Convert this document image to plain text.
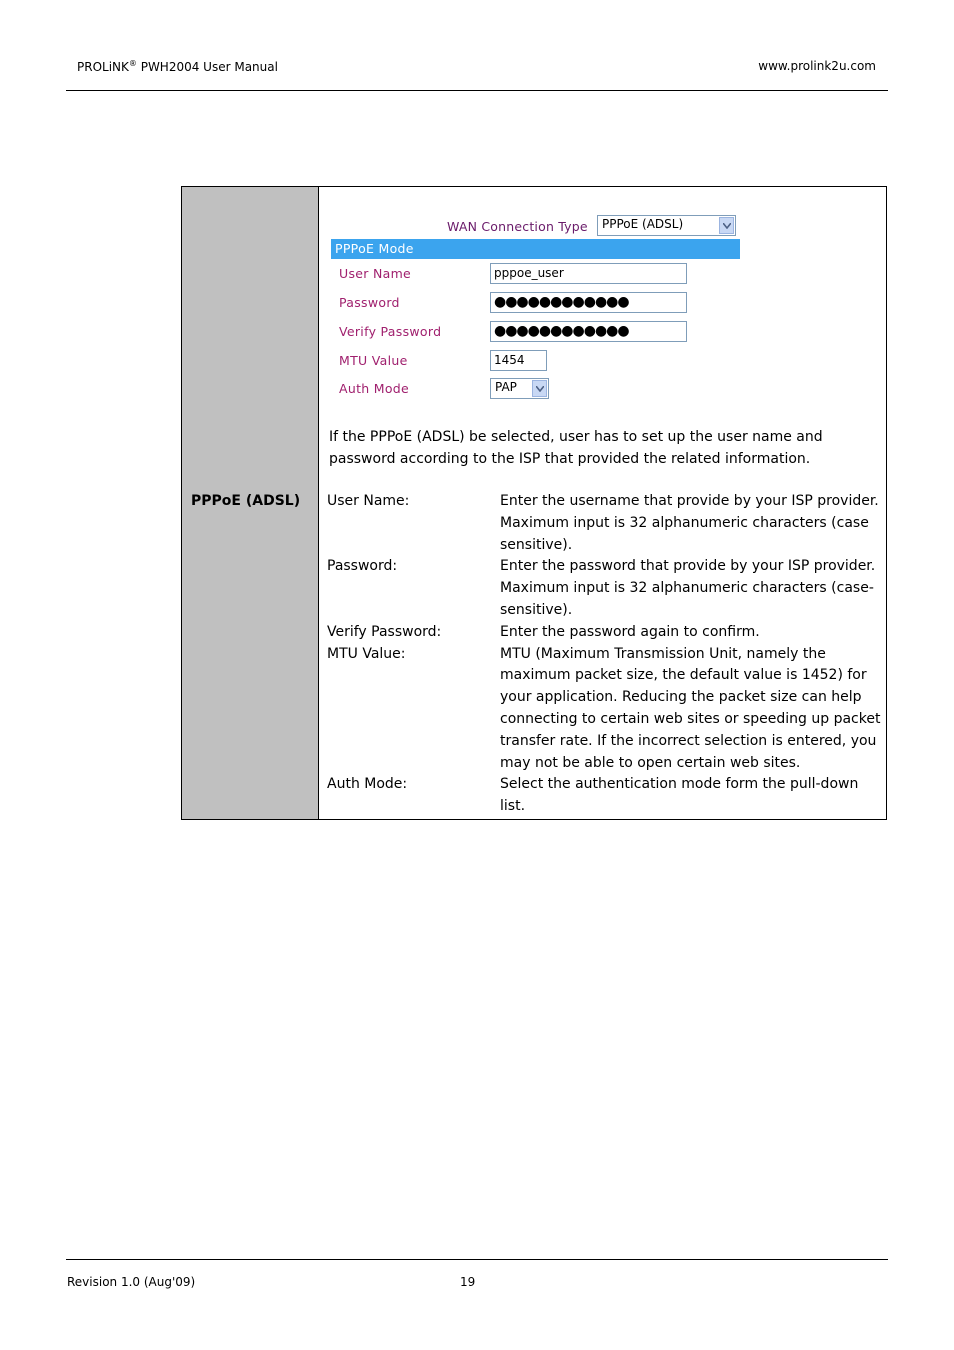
PROLiNK® PWH2004 User Manual	www.prolink2u.com
PPPoE (ADSL)
WAN Connection Type PPPoE (ADSL)
PPPoE Mode
User Name	pppoe_user
Password	●●●●●●●●●●●●
Verify Password	●●●●●●●●●●●●
MTU Value	1454
Auth Mode	PAP
If the PPPoE (ADSL) be selected, user has to set up the user name and password according to the ISP that provided the related information.
User Name:	Enter the username that provide by your ISP provider. Maximum input is 32 alphanumeric characters (case sensitive).
Password:	Enter the password that provide by your ISP provider. Maximum input is 32 alphanumeric characters (case-sensitive).
Verify Password:	Enter the password again to confirm.
MTU Value:	MTU (Maximum Transmission Unit, namely the maximum packet size, the default value is 1452) for your application. Reducing the packet size can help connecting to certain web sites or speeding up packet transfer rate. If the incorrect selection is entered, you may not be able to open certain web sites.
Auth Mode:	Select the authentication mode form the pull-down list.
Revision 1.0 (Aug'09)	19
